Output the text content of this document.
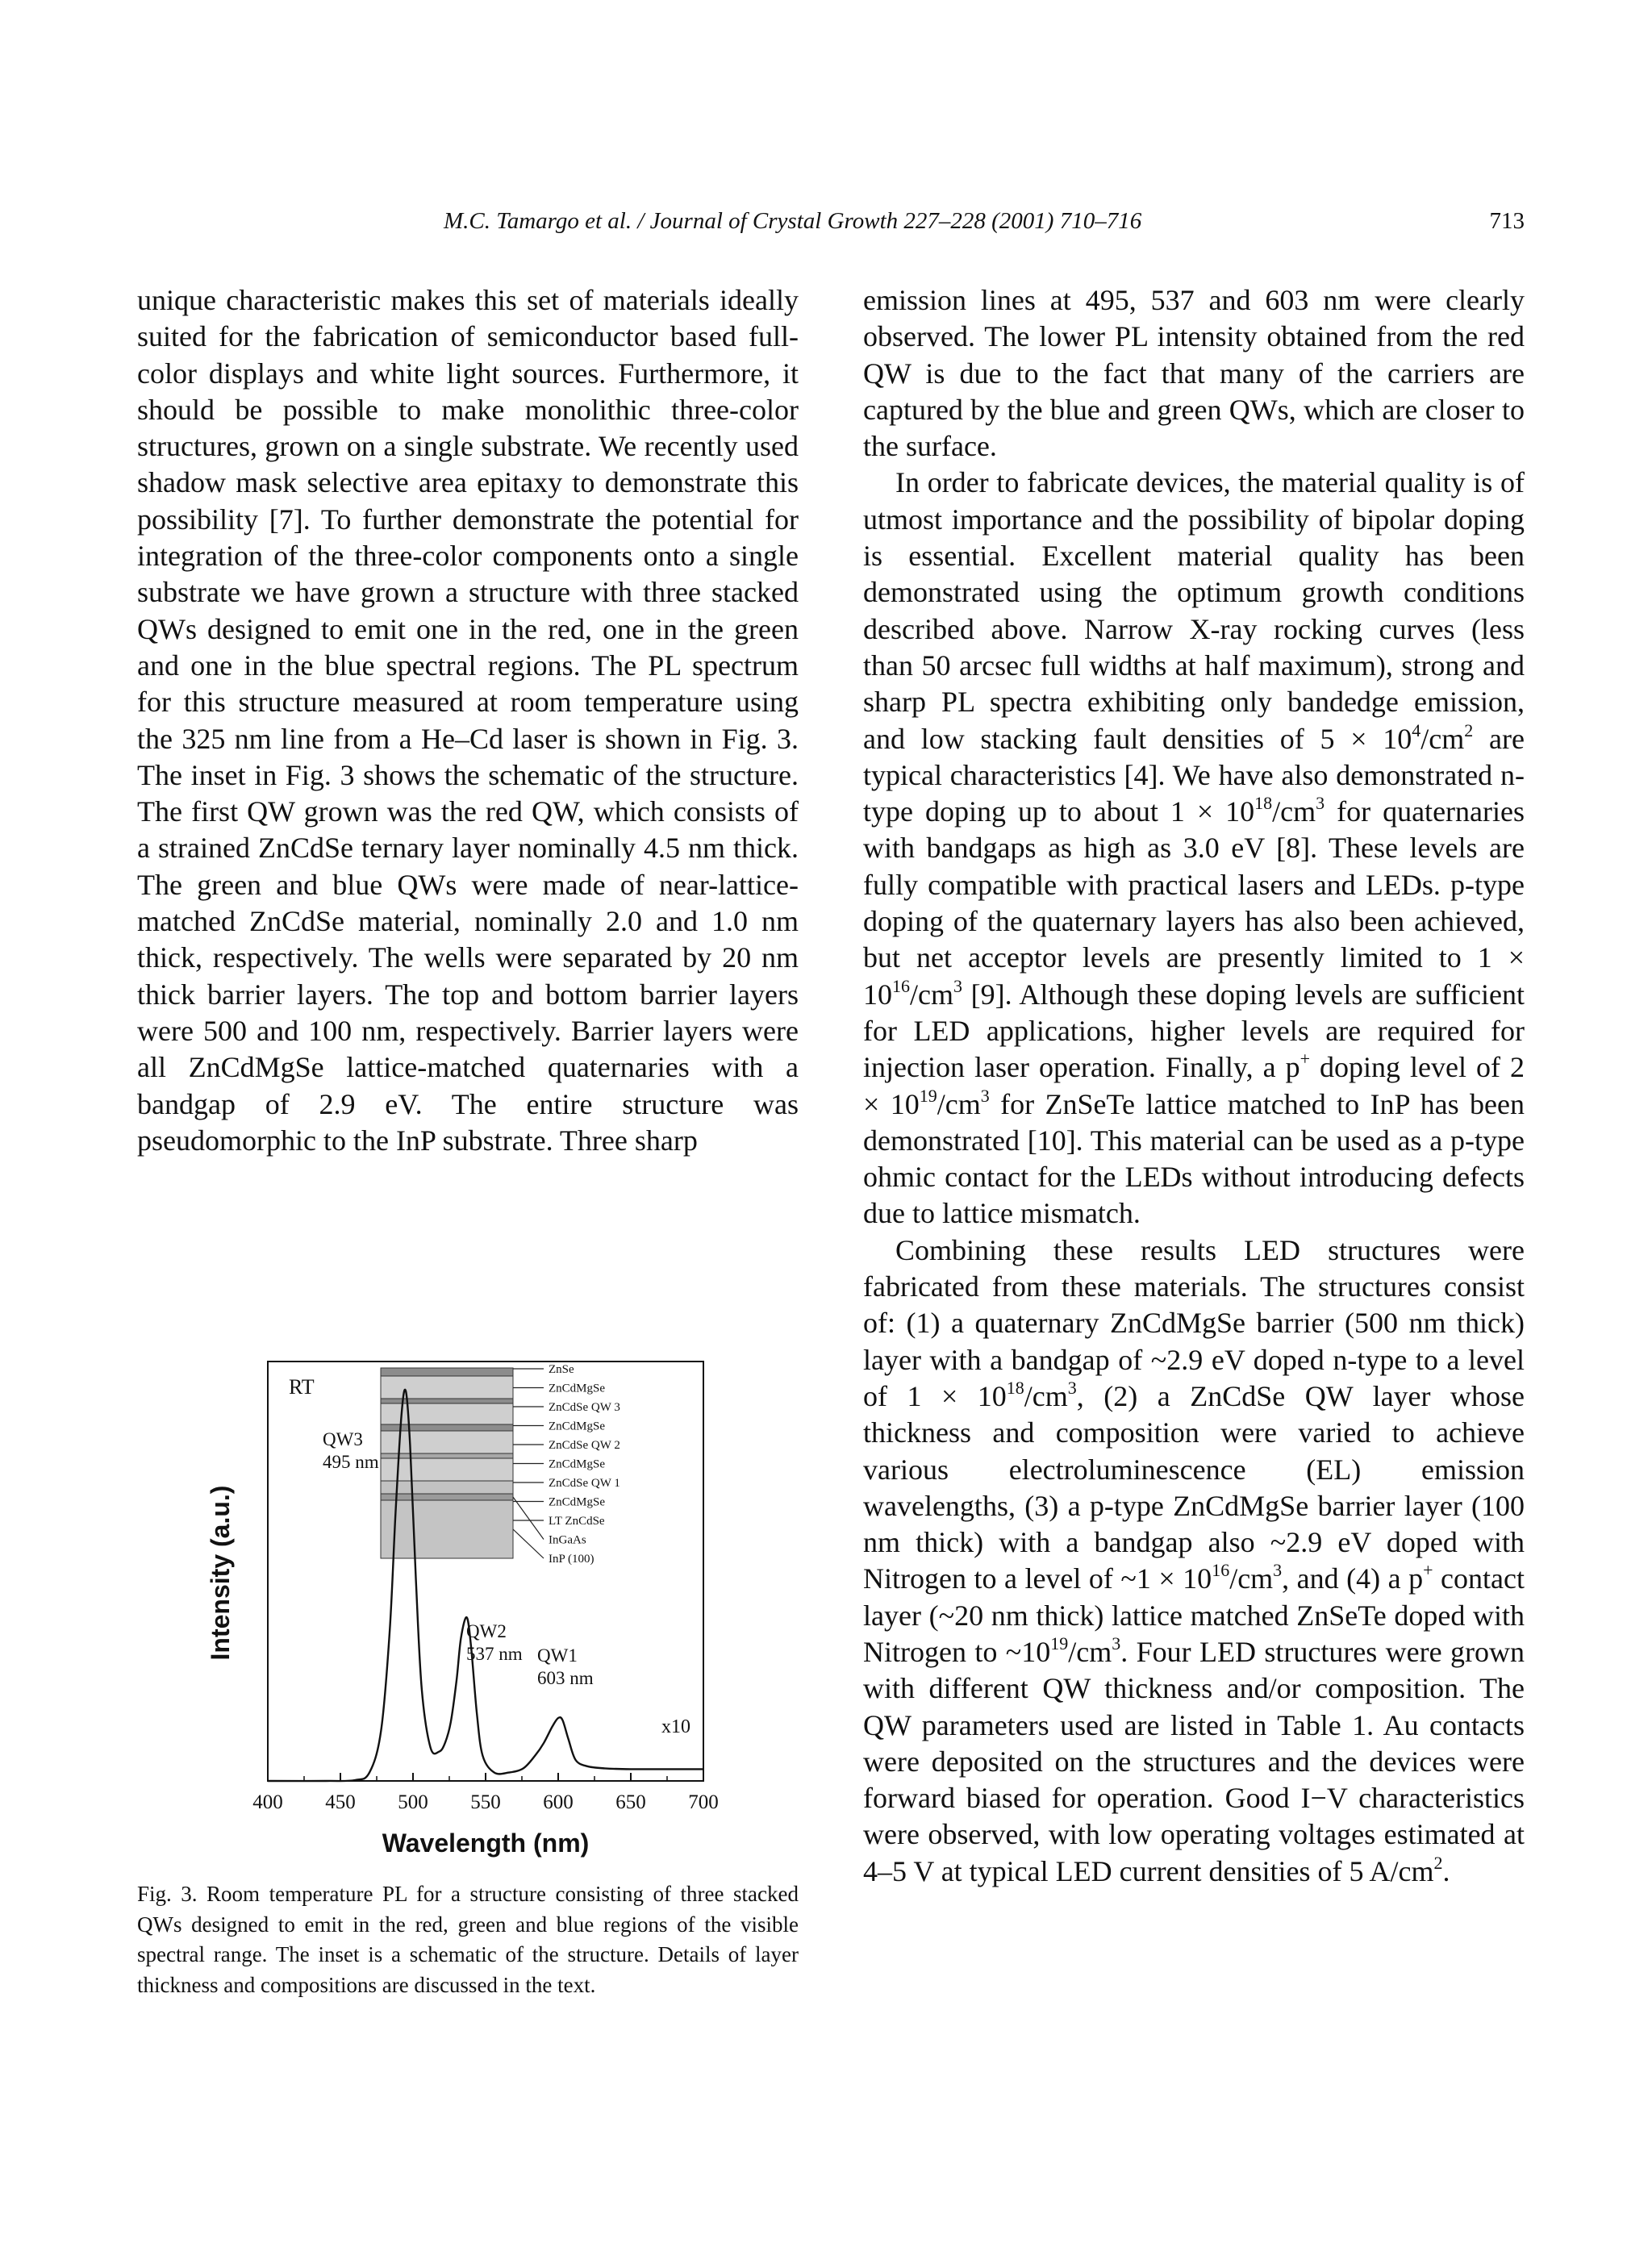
M.C. Tamargo et al. / Journal of Crystal Growth 227–228 (2001) 710–716	713

unique characteristic makes this set of materials ideally suited for the fabrication of semiconductor based full-color displays and white light sources. Furthermore, it should be possible to make monolithic three-color structures, grown on a single substrate. We recently used shadow mask selective area epitaxy to demonstrate this possibility [7]. To further demonstrate the potential for integration of the three-color components onto a single substrate we have grown a structure with three stacked QWs designed to emit one in the red, one in the green and one in the blue spectral regions. The PL spectrum for this structure measured at room temperature using the 325 nm line from a He–Cd laser is shown in Fig. 3. The inset in Fig. 3 shows the schematic of the structure. The first QW grown was the red QW, which consists of a strained ZnCdSe ternary layer nominally 4.5 nm thick. The green and blue QWs were made of near-lattice-matched ZnCdSe material, nominally 2.0 and 1.0 nm thick, respectively. The wells were separated by 20 nm thick barrier layers. The top and bottom barrier layers were 500 and 100 nm, respectively. Barrier layers were all ZnCdMgSe lattice-matched quaternaries with a bandgap of 2.9 eV. The entire structure was pseudomorphic to the InP substrate. Three sharp

emission lines at 495, 537 and 603 nm were clearly observed. The lower PL intensity obtained from the red QW is due to the fact that many of the carriers are captured by the blue and green QWs, which are closer to the surface.

In order to fabricate devices, the material quality is of utmost importance and the possibility of bipolar doping is essential. Excellent material quality has been demonstrated using the optimum growth conditions described above. Narrow X-ray rocking curves (less than 50 arcsec full widths at half maximum), strong and sharp PL spectra exhibiting only bandedge emission, and low stacking fault densities of $5 \times 10^4/cm^2$ are typical characteristics [4]. We have also demonstrated n-type doping up to about $1 \times 10^{18}/cm^3$ for quaternaries with bandgaps as high as 3.0 eV [8]. These levels are fully compatible with practical lasers and LEDs. p-type doping of the quaternary layers has also been achieved, but net acceptor levels are presently limited to $1 \times 10^{16}/cm^3$ [9]. Although these doping levels are sufficient for LED applications, higher levels are required for injection laser operation. Finally, a p+ doping level of $2 \times 10^{19}/cm^3$ for ZnSeTe lattice matched to InP has been demonstrated [10]. This material can be used as a p-type ohmic contact for the LEDs without introducing defects due to lattice mismatch.

Combining these results LED structures were fabricated from these materials. The structures consist of: (1) a quaternary ZnCdMgSe barrier (500 nm thick) layer with a bandgap of ~2.9 eV doped n-type to a level of $1 \times 10^{18}/cm^3$, (2) a ZnCdSe QW layer whose thickness and composition were varied to achieve various electroluminescence (EL) emission wavelengths, (3) a p-type ZnCdMgSe barrier layer (100 nm thick) with a bandgap also ~2.9 eV doped with Nitrogen to a level of ~1 × $10^{16}/cm^3$, and (4) a p+ contact layer (~20 nm thick) lattice matched ZnSeTe doped with Nitrogen to $\sim 10^{19}/cm^3$. Four LED structures were grown with different QW thickness and/or composition. The QW parameters used are listed in Table 1. Au contacts were deposited on the structures and the devices were forward biased for operation. Good I−V characteristics were observed, with low operating voltages estimated at 4–5 V at typical LED current densities of 5 $A/cm^2$.

ZnSe
ZnCdMgSe
ZnCdSe QW 3
ZnCdMgSe
ZnCdSe QW 2
ZnCdMgSe
ZnCdSe QW 1
ZnCdMgSe
LT ZnCdSe
InGaAs
InP (100)
400 450 500 550 600 650 700
RT
QW3
495 nm
QW2
537 nm QW1
603 nm
x10
Wavelength (nm)
Intensity (a.u.)
Fig. 3. Room temperature PL for a structure consisting of three stacked QWs designed to emit in the red, green and blue regions of the visible spectral range. The inset is a schematic of the structure. Details of layer thickness and compositions are discussed in the text.
